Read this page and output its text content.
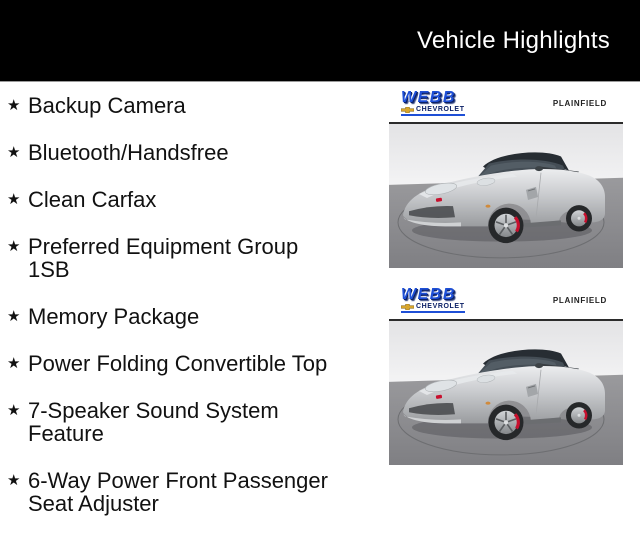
Vehicle Highlights
★ Backup Camera
★ Bluetooth/Handsfree
★ Clean Carfax
★ Preferred Equipment Group 1SB
★ Memory Package
★ Power Folding Convertible Top
★ 7-Speaker Sound System Feature
★ 6-Way Power Front Passenger Seat Adjuster
WEBB
CHEVROLET
PLAINFIELD
WEBB
CHEVROLET
PLAINFIELD
